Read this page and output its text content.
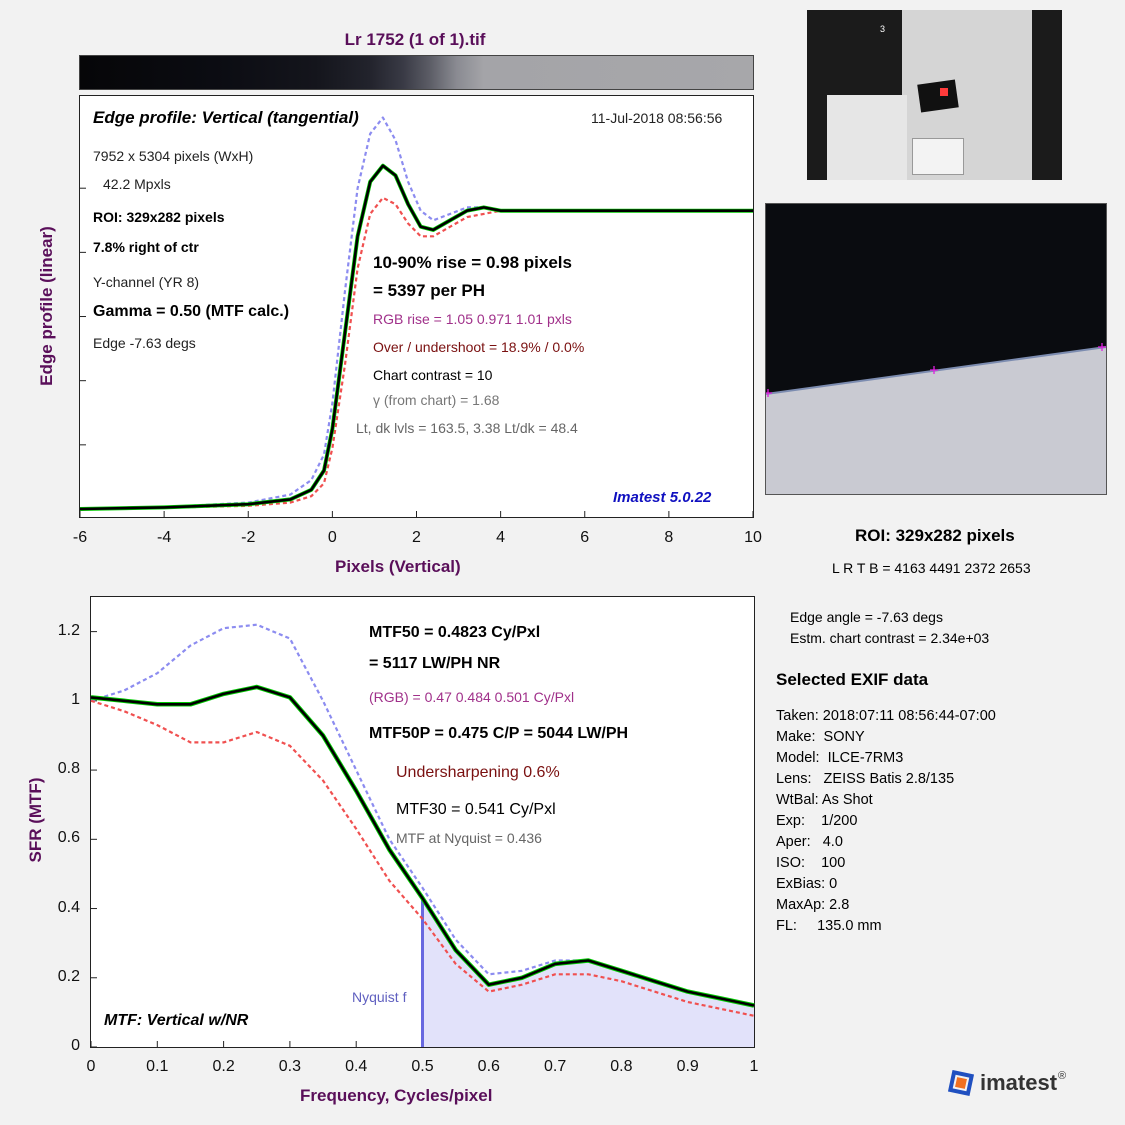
Lr 1752 (1 of 1).tif
Edge profile: Vertical (tangential)	11-Jul-2018 08:56:56
7952 x 5304 pixels (WxH)
42.2 Mpxls
ROI: 329x282 pixels
7.8% right of ctr
Y-channel (YR 8)
Gamma = 0.50 (MTF calc.)
Edge -7.63 degs
10-90% rise = 0.98 pixels
= 5397 per PH
RGB rise = 1.05 0.971 1.01 pxls
Over / undershoot = 18.9% / 0.0%
Chart contrast = 10
γ (from chart) = 1.68
Lt, dk lvls = 163.5, 3.38 Lt/dk = 48.4
Imatest 5.0.22
Edge profile (linear)
Pixels (Vertical)
MTF50 = 0.4823 Cy/Pxl
= 5117 LW/PH NR
(RGB) = 0.47 0.484 0.501 Cy/Pxl
MTF50P = 0.475 C/P = 5044 LW/PH
Undersharpening 0.6%
MTF30 = 0.541 Cy/Pxl
MTF at Nyquist = 0.436
Nyquist f
MTF: Vertical w/NR
SFR (MTF)
Frequency, Cycles/pixel
3
ROI: 329x282 pixels
L R T B = 4163 4491 2372 2653
Edge angle = -7.63 degs
Estm. chart contrast = 2.34e+03
Selected EXIF data
Taken: 2018:07:11 08:56:44-07:00
Make:  SONY
Model:  ILCE-7RM3
Lens:   ZEISS Batis 2.8/135
WtBal: As Shot
Exp:    1/200
Aper:   4.0
ISO:    100
ExBias: 0
MaxAp: 2.8
FL:     135.0 mm
imatest ®
-6	-4	-2	0	2	4	6	8	10
0	0.1	0.2	0.3	0.4	0.5	0.6	0.7	0.8	0.9	1
0
0.2
0.4
0.6
0.8
1
1.2
